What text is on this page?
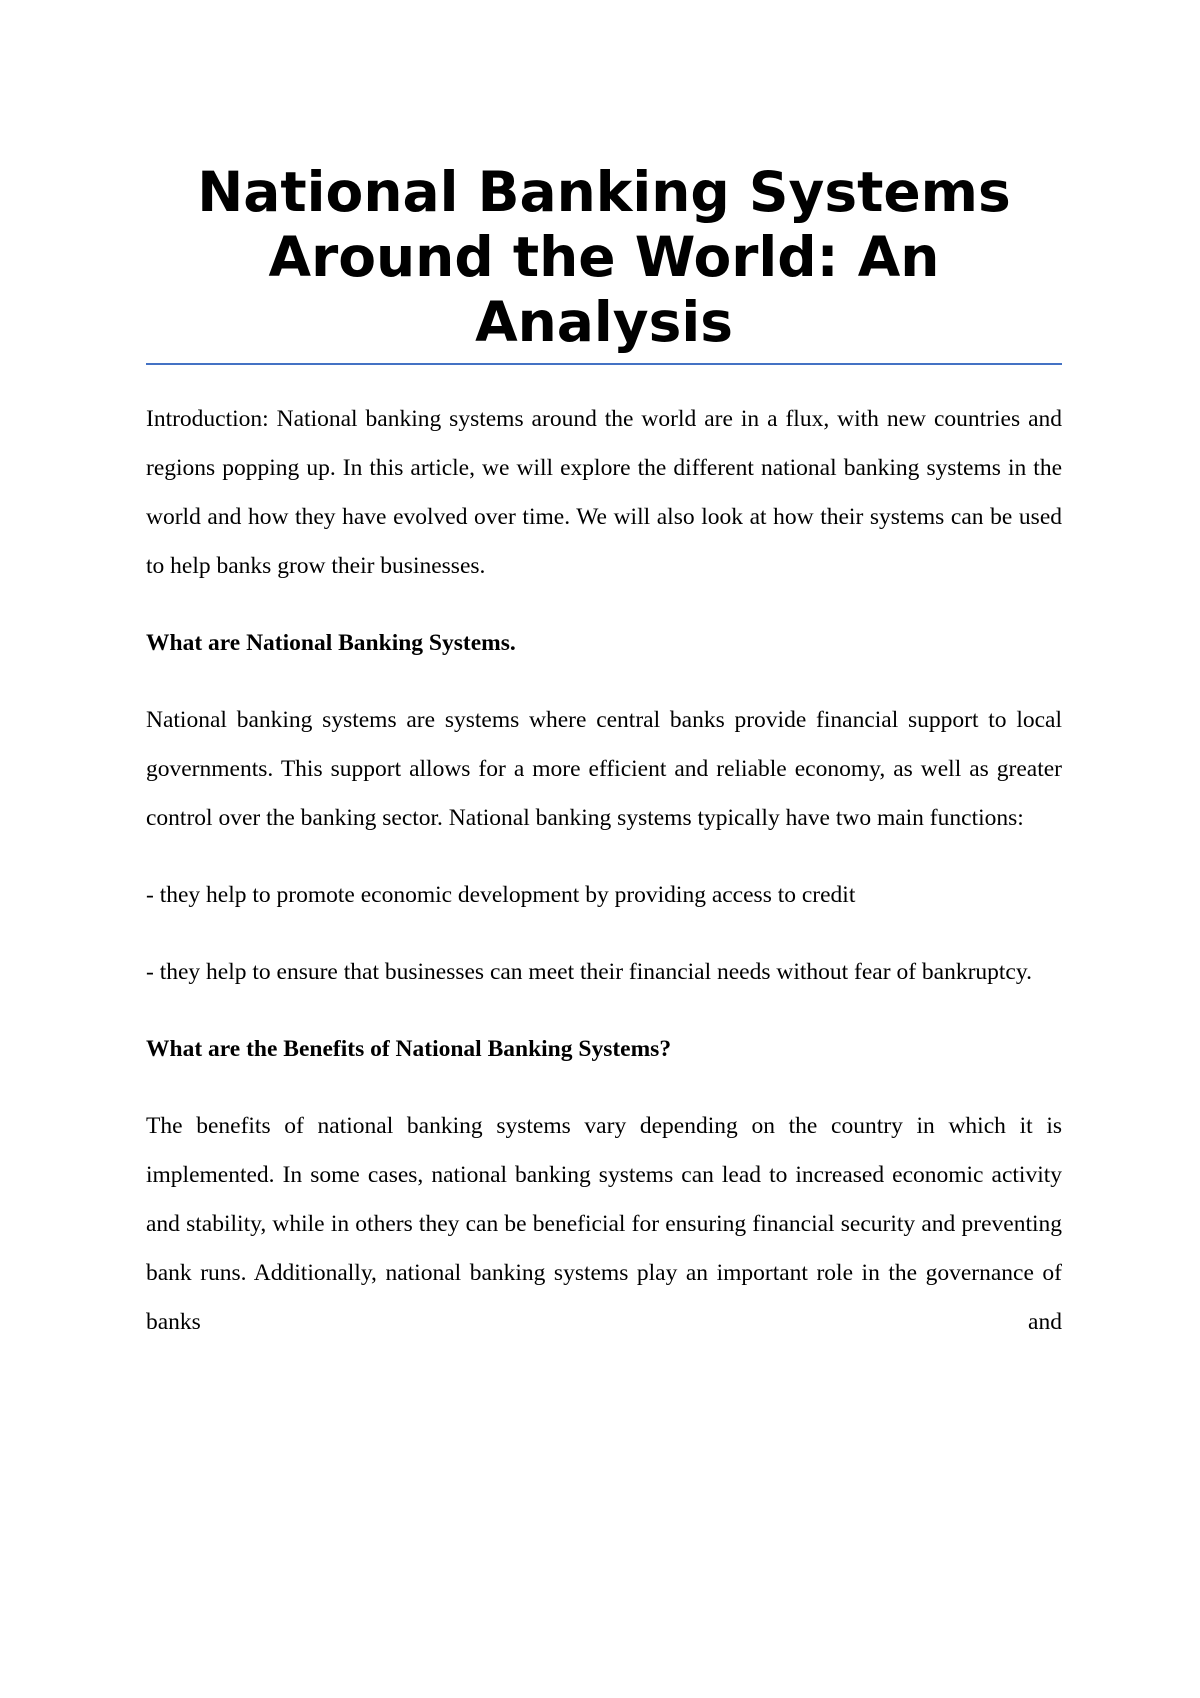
National Banking Systems Around the World: An Analysis

Introduction: National banking systems around the world are in a flux, with new countries and regions popping up. In this article, we will explore the different national banking systems in the world and how they have evolved over time. We will also look at how their systems can be used to help banks grow their businesses.

What are National Banking Systems.

National banking systems are systems where central banks provide financial support to local governments. This support allows for a more efficient and reliable economy, as well as greater control over the banking sector. National banking systems typically have two main functions:

- they help to promote economic development by providing access to credit

- they help to ensure that businesses can meet their financial needs without fear of bankruptcy.

What are the Benefits of National Banking Systems?

The benefits of national banking systems vary depending on the country in which it is implemented. In some cases, national banking systems can lead to increased economic activity and stability, while in others they can be beneficial for ensuring financial security and preventing bank runs. Additionally, national banking systems play an important role in the governance of banks and
